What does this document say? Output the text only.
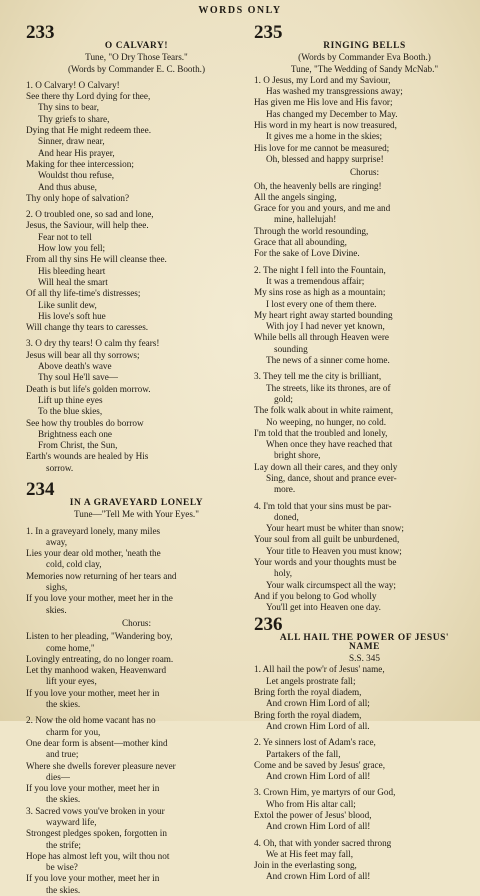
WORDS ONLY
233
O CALVARY!
Tune, "O Dry Those Tears."
(Words by Commander E. C. Booth.)
1. O Calvary! O Calvary!
See there thy Lord dying for thee,
Thy sins to bear,
Thy griefs to share,
Dying that He might redeem thee.
Sinner, draw near,
And hear His prayer,
Making for thee intercession;
Wouldst thou refuse,
And thus abuse,
Thy only hope of salvation?
2. O troubled one, so sad and lone,
Jesus, the Saviour, will help thee.
Fear not to tell
How low you fell;
From all thy sins He will cleanse thee.
His bleeding heart
Will heal the smart
Of all thy life-time's distresses;
Like sunlit dew,
His love's soft hue
Will change thy tears to caresses.
3. O dry thy tears! O calm thy fears!
Jesus will bear all thy sorrows;
Above death's wave
Thy soul He'll save—
Death is but life's golden morrow.
Lift up thine eyes
To the blue skies,
See how thy troubles do borrow
Brightness each one
From Christ, the Sun,
Earth's wounds are healed by His
sorrow.
234
IN A GRAVEYARD LONELY
Tune—"Tell Me with Your Eyes."
1. In a graveyard lonely, many miles
away,
Lies your dear old mother, 'neath the
cold, cold clay,
Memories now returning of her tears and
sighs,
If you love your mother, meet her in the
skies.
Chorus:
Listen to her pleading, "Wandering boy,
come home,"
Lovingly entreating, do no longer roam.
Let thy manhood waken, Heavenward
lift your eyes,
If you love your mother, meet her in
the skies.
2. Now the old home vacant has no
charm for you,
One dear form is absent—mother kind
and true;
Where she dwells forever pleasure never
dies—
If you love your mother, meet her in
the skies.
3. Sacred vows you've broken in your
wayward life,
Strongest pledges spoken, forgotten in
the strife;
Hope has almost left you, wilt thou not
be wise?
If you love your mother, meet her in
the skies.
235
RINGING BELLS
(Words by Commander Eva Booth.)
Tune, "The Wedding of Sandy McNab."
1. O Jesus, my Lord and my Saviour,
Has washed my transgressions away;
Has given me His love and His favor;
Has changed my December to May.
His word in my heart is now treasured,
It gives me a home in the skies;
His love for me cannot be measured;
Oh, blessed and happy surprise!
Chorus:
Oh, the heavenly bells are ringing!
All the angels singing,
Grace for you and yours, and me and
mine, hallelujah!
Through the world resounding,
Grace that all abounding,
For the sake of Love Divine.
2. The night I fell into the Fountain,
It was a tremendous affair;
My sins rose as high as a mountain;
I lost every one of them there.
My heart right away started bounding
With joy I had never yet known,
While bells all through Heaven were
sounding
The news of a sinner come home.
3. They tell me the city is brilliant,
The streets, like its thrones, are of
gold;
The folk walk about in white raiment,
No weeping, no hunger, no cold.
I'm told that the troubled and lonely,
When once they have reached that
bright shore,
Lay down all their cares, and they only
Sing, dance, shout and prance ever-
more.
4. I'm told that your sins must be par-
doned,
Your heart must be whiter than snow;
Your soul from all guilt be unburdened,
Your title to Heaven you must know;
Your words and your thoughts must be
holy,
Your walk circumspect all the way;
And if you belong to God wholly
You'll get into Heaven one day.
236
ALL HAIL THE POWER OF JESUS'
NAME
S.S. 345
1. All hail the pow'r of Jesus' name,
Let angels prostrate fall;
Bring forth the royal diadem,
And crown Him Lord of all;
Bring forth the royal diadem,
And crown Him Lord of all.
2. Ye sinners lost of Adam's race,
Partakers of the fall,
Come and be saved by Jesus' grace,
And crown Him Lord of all!
3. Crown Him, ye martyrs of our God,
Who from His altar call;
Extol the power of Jesus' blood,
And crown Him Lord of all!
4. Oh, that with yonder sacred throng
We at His feet may fall,
Join in the everlasting song,
And crown Him Lord of all!
